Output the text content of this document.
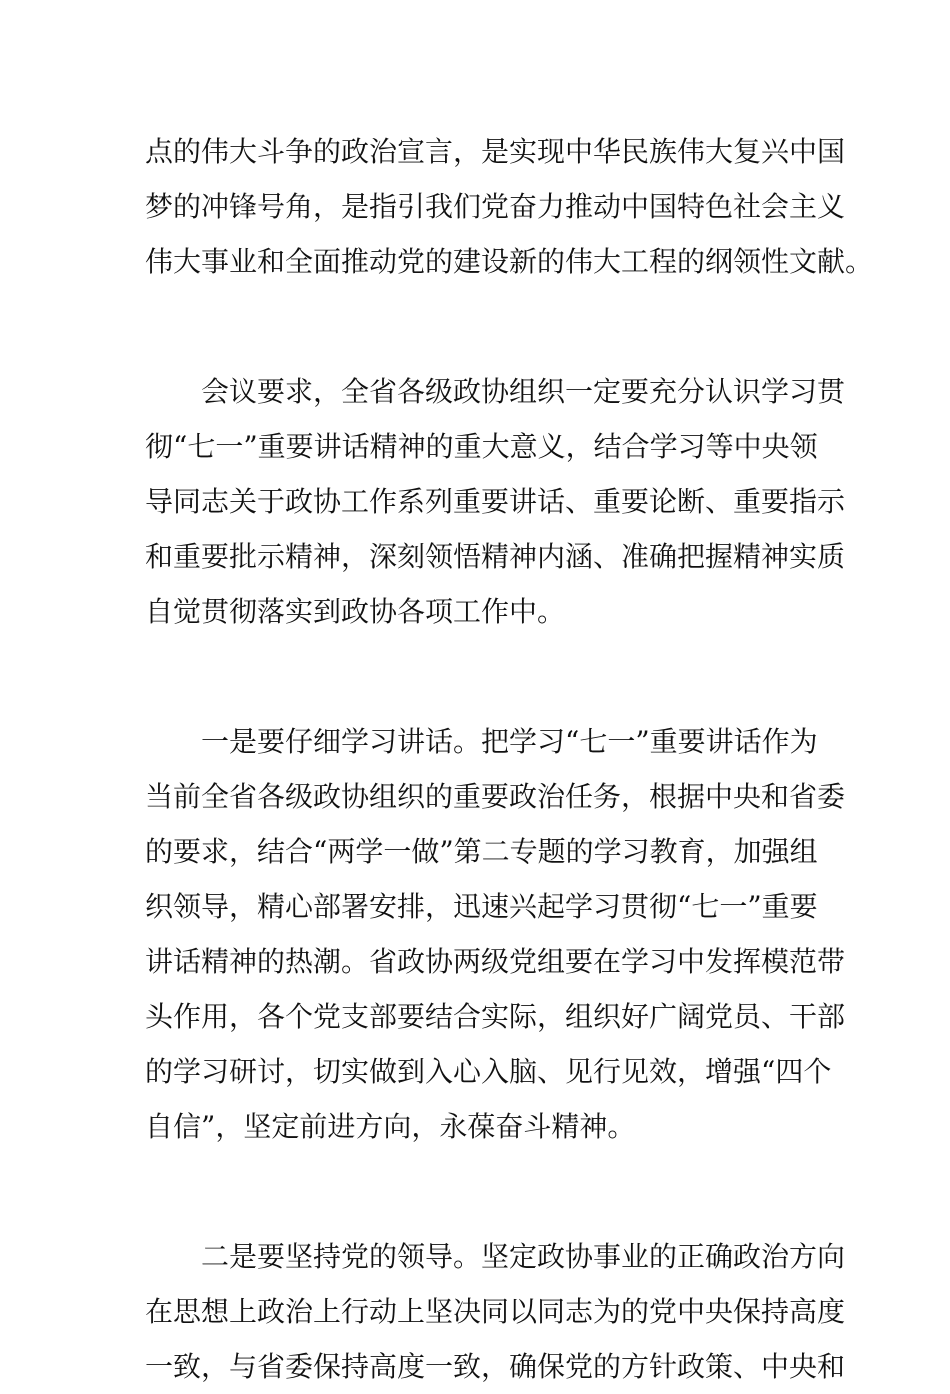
点的伟大斗争的政治宣言，是实现中华民族伟大复兴中国
梦的冲锋号角，是指引我们党奋力推动中国特色社会主义
伟大事业和全面推动党的建设新的伟大工程的纲领性文献。
会议要求，全省各级政协组织一定要充分认识学习贯
彻“七一”重要讲话精神的重大意义，结合学习等中央领
导同志关于政协工作系列重要讲话、重要论断、重要指示
和重要批示精神，深刻领悟精神内涵、准确把握精神实质
自觉贯彻落实到政协各项工作中。
一是要仔细学习讲话。把学习“七一”重要讲话作为
当前全省各级政协组织的重要政治任务，根据中央和省委
的要求，结合“两学一做”第二专题的学习教育，加强组
织领导，精心部署安排，迅速兴起学习贯彻“七一”重要
讲话精神的热潮。省政协两级党组要在学习中发挥模范带
头作用，各个党支部要结合实际，组织好广阔党员、干部
的学习研讨，切实做到入心入脑、见行见效，增强“四个
自信”，坚定前进方向，永葆奋斗精神。
二是要坚持党的领导。坚定政协事业的正确政治方向
在思想上政治上行动上坚决同以同志为的党中央保持高度
一致，与省委保持高度一致，确保党的方针政策、中央和
